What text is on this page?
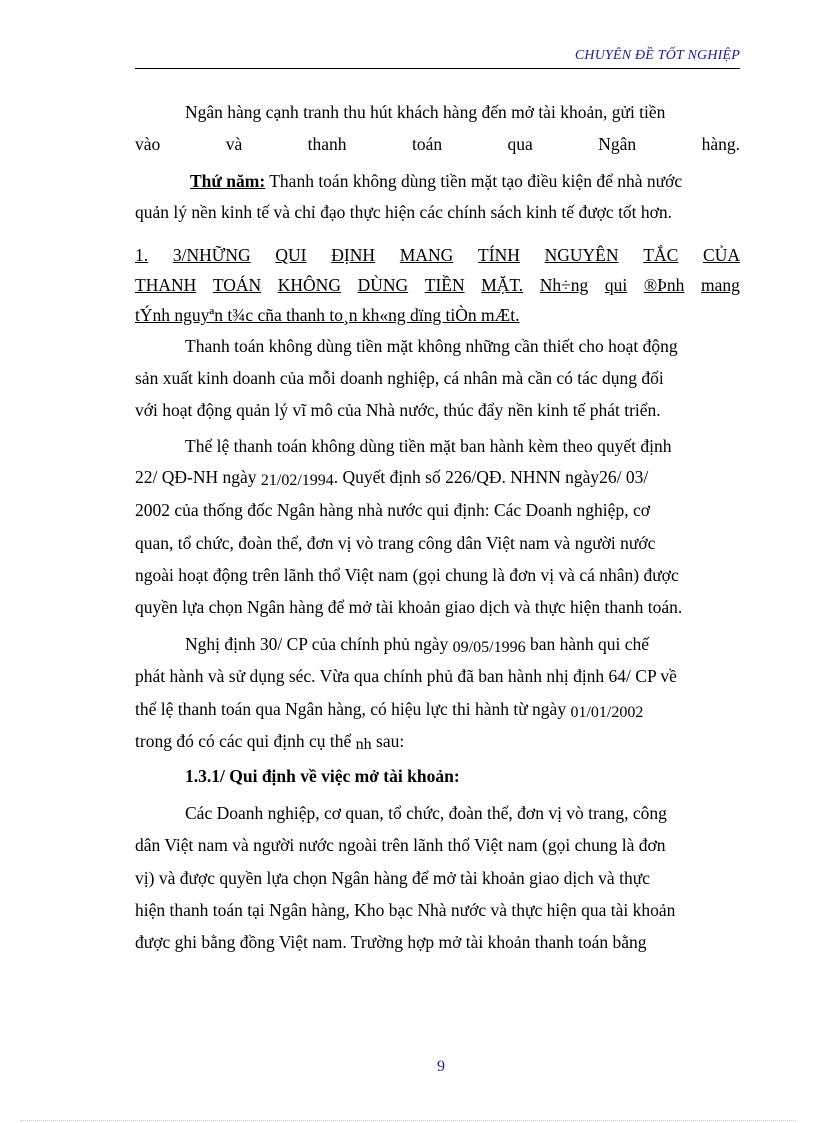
CHUYÊN ĐỀ TỐT NGHIỆP
Ngân hàng cạnh tranh thu hút khách hàng đến mở tài khoản, gửi tiền
vào	và	thanh	toán	qua	Ngân	hàng.
Thứ năm: Thanh toán không dùng tiền mặt tạo điều kiện để nhà nước
quản lý nền kinh tế và chỉ đạo thực hiện các chính sách kinh tế được tốt hơn.
1. 3/NHỮNG QUI ĐỊNH MANG TÍNH NGUYÊN TẮC CỦA
THANH TOÁN KHÔNG DÙNG TIỀN MẶT. Nh÷ng qui ®Þnh mang
tÝnh nguyªn t¾c cña thanh to¸n kh«ng dïng tiÒn mÆt.
Thanh toán không dùng tiền mặt không những cần thiết cho hoạt động
sản xuất kinh doanh của mỗi doanh nghiệp, cá nhân mà cần có tác dụng đối
với hoạt động quản lý vĩ mô của Nhà nước, thúc đẩy nền kinh tế phát triển.
Thể lệ thanh toán không dùng tiền mặt ban hành kèm theo quyết định
22/ QĐ-NH ngày 21/02/1994. Quyết định số 226/QĐ. NHNN ngày26/ 03/
2002 của thống đốc Ngân hàng nhà nước qui định: Các Doanh nghiệp, cơ
quan, tổ chức, đoàn thể, đơn vị vò trang công dân Việt nam và người nước
ngoài hoạt động trên lãnh thổ Việt nam (gọi chung là đơn vị và cá nhân) được
quyền lựa chọn Ngân hàng để mở tài khoản giao dịch và thực hiện thanh toán.
Nghị định 30/ CP của chính phủ ngày 09/05/1996 ban hành qui chế
phát hành và sử dụng séc. Vừa qua chính phủ đã ban hành nhị định 64/ CP về
thể lệ thanh toán qua Ngân hàng, có hiệu lực thi hành từ ngày 01/01/2002
trong đó có các qui định cụ thể nh sau:
1.3.1/ Qui định về việc mở tài khoản:
Các Doanh nghiệp, cơ quan, tổ chức, đoàn thể, đơn vị vò trang, công
dân Việt nam và người nước ngoài trên lãnh thổ Việt nam (gọi chung là đơn
vị) và được quyền lựa chọn Ngân hàng để mở tài khoản giao dịch và thực
hiện thanh toán tại Ngân hàng, Kho bạc Nhà nước và thực hiện qua tài khoản
được ghi bằng đồng Việt nam. Trường hợp mở tài khoản thanh toán bằng
9
